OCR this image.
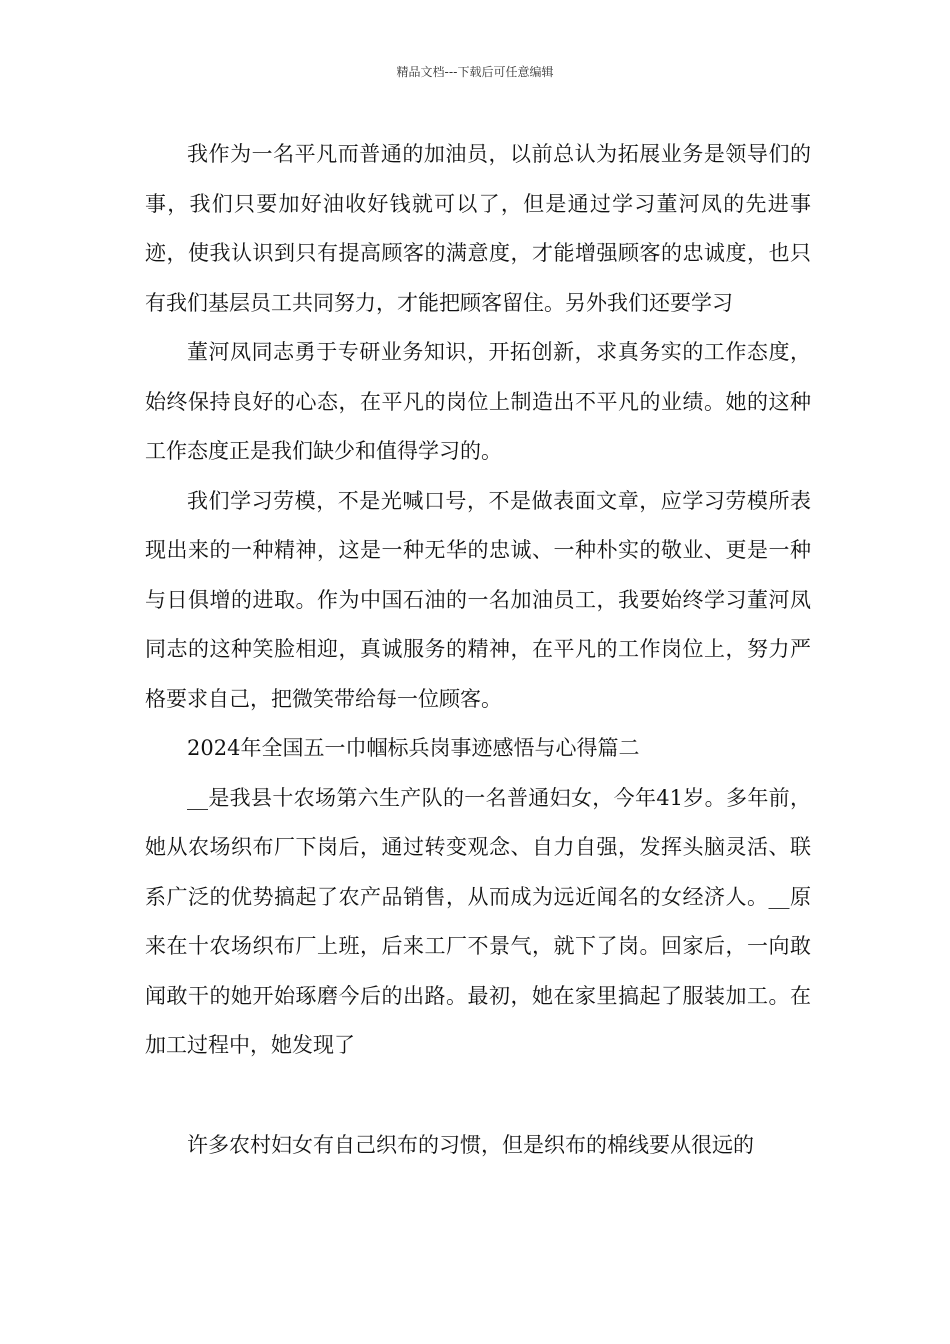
精品文档---下载后可任意编辑

我作为一名平凡而普通的加油员，以前总认为拓展业务是领导们的事，我们只要加好油收好钱就可以了，但是通过学习董河凤的先进事迹，使我认识到只有提高顾客的满意度，才能增强顾客的忠诚度，也只有我们基层员工共同努力，才能把顾客留住。另外我们还要学习

董河凤同志勇于专研业务知识，开拓创新，求真务实的工作态度，始终保持良好的心态，在平凡的岗位上制造出不平凡的业绩。她的这种工作态度正是我们缺少和值得学习的。

我们学习劳模，不是光喊口号，不是做表面文章，应学习劳模所表现出来的一种精神，这是一种无华的忠诚、一种朴实的敬业、更是一种与日俱增的进取。作为中国石油的一名加油员工，我要始终学习董河凤同志的这种笑脸相迎，真诚服务的精神，在平凡的工作岗位上，努力严格要求自己，把微笑带给每一位顾客。

2024年全国五一巾帼标兵岗事迹感悟与心得篇二

__是我县十农场第六生产队的一名普通妇女，今年41岁。多年前，她从农场织布厂下岗后，通过转变观念、自力自强，发挥头脑灵活、联系广泛的优势搞起了农产品销售，从而成为远近闻名的女经济人。__原来在十农场织布厂上班，后来工厂不景气，就下了岗。回家后，一向敢闻敢干的她开始琢磨今后的出路。最初，她在家里搞起了服装加工。在加工过程中，她发现了

许多农村妇女有自己织布的习惯，但是织布的棉线要从很远的
